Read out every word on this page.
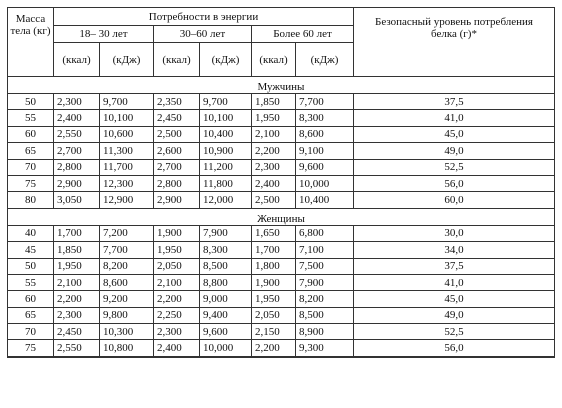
Масса тела (кг)	Потребности в энергии						Безопасный уровень потребления белка (г)*
	18– 30 лет		30–60 лет		Более 60 лет		
	(ккал)	(кДж)	(ккал)	(кДж)	(ккал)	(кДж)	
Мужчины							
50	2,300	9,700	2,350	9,700	1,850	7,700	37,5
55	2,400	10,100	2,450	10,100	1,950	8,300	41,0
60	2,550	10,600	2,500	10,400	2,100	8,600	45,0
65	2,700	11,300	2,600	10,900	2,200	9,100	49,0
70	2,800	11,700	2,700	11,200	2,300	9,600	52,5
75	2,900	12,300	2,800	11,800	2,400	10,000	56,0
80	3,050	12,900	2,900	12,000	2,500	10,400	60,0
Женщины							
40	1,700	7,200	1,900	7,900	1,650	6,800	30,0
45	1,850	7,700	1,950	8,300	1,700	7,100	34,0
50	1,950	8,200	2,050	8,500	1,800	7,500	37,5
55	2,100	8,600	2,100	8,800	1,900	7,900	41,0
60	2,200	9,200	2,200	9,000	1,950	8,200	45,0
65	2,300	9,800	2,250	9,400	2,050	8,500	49,0
70	2,450	10,300	2,300	9,600	2,150	8,900	52,5
75	2,550	10,800	2,400	10,000	2,200	9,300	56,0
